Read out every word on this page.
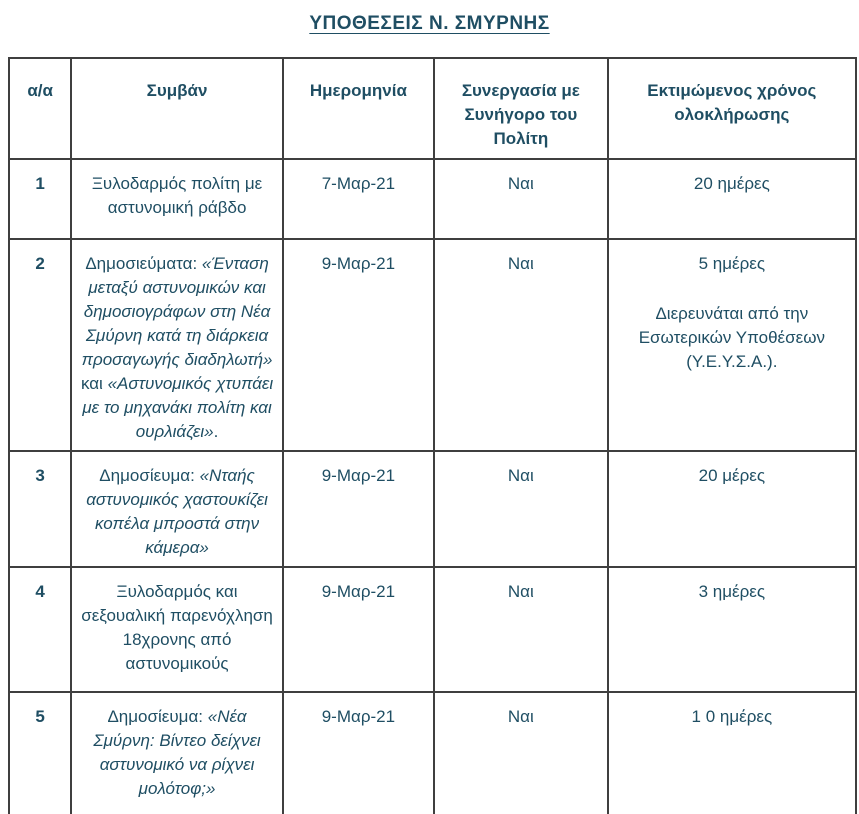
ΥΠΟΘΕΣΕΙΣ Ν. ΣΜΥΡΝΗΣ
α/α	Συμβάν	Ημερομηνία	Συνεργασία με Συνήγορο του Πολίτη	Εκτιμώμενος χρόνος ολοκλήρωσης
1	Ξυλοδαρμός πολίτη με αστυνομική ράβδο	7-Μαρ-21	Ναι	20 ημέρες

2	Δημοσιεύματα: «Ένταση μεταξύ αστυνομικών και δημοσιογράφων στη Νέα Σμύρνη κατά τη διάρκεια προσαγωγής διαδηλωτή» και «Αστυνομικός χτυπάει με το μηχανάκι πολίτη και ουρλιάζει».	9-Μαρ-21	Ναι	5 ημέρες

Διερευνάται από την Εσωτερικών Υποθέσεων (Υ.Ε.Υ.Σ.Α.).

3	Δημοσίευμα: «Νταής αστυνομικός χαστουκίζει κοπέλα μπροστά στην κάμερα»	9-Μαρ-21	Ναι	20 μέρες

4	Ξυλοδαρμός και σεξουαλική παρενόχληση 18χρονης από αστυνομικούς	9-Μαρ-21	Ναι	3 ημέρες

5	Δημοσίευμα: «Νέα Σμύρνη: Βίντεο δείχνει αστυνομικό να ρίχνει μολότοφ;»	9-Μαρ-21	Ναι	1 0 ημέρες
